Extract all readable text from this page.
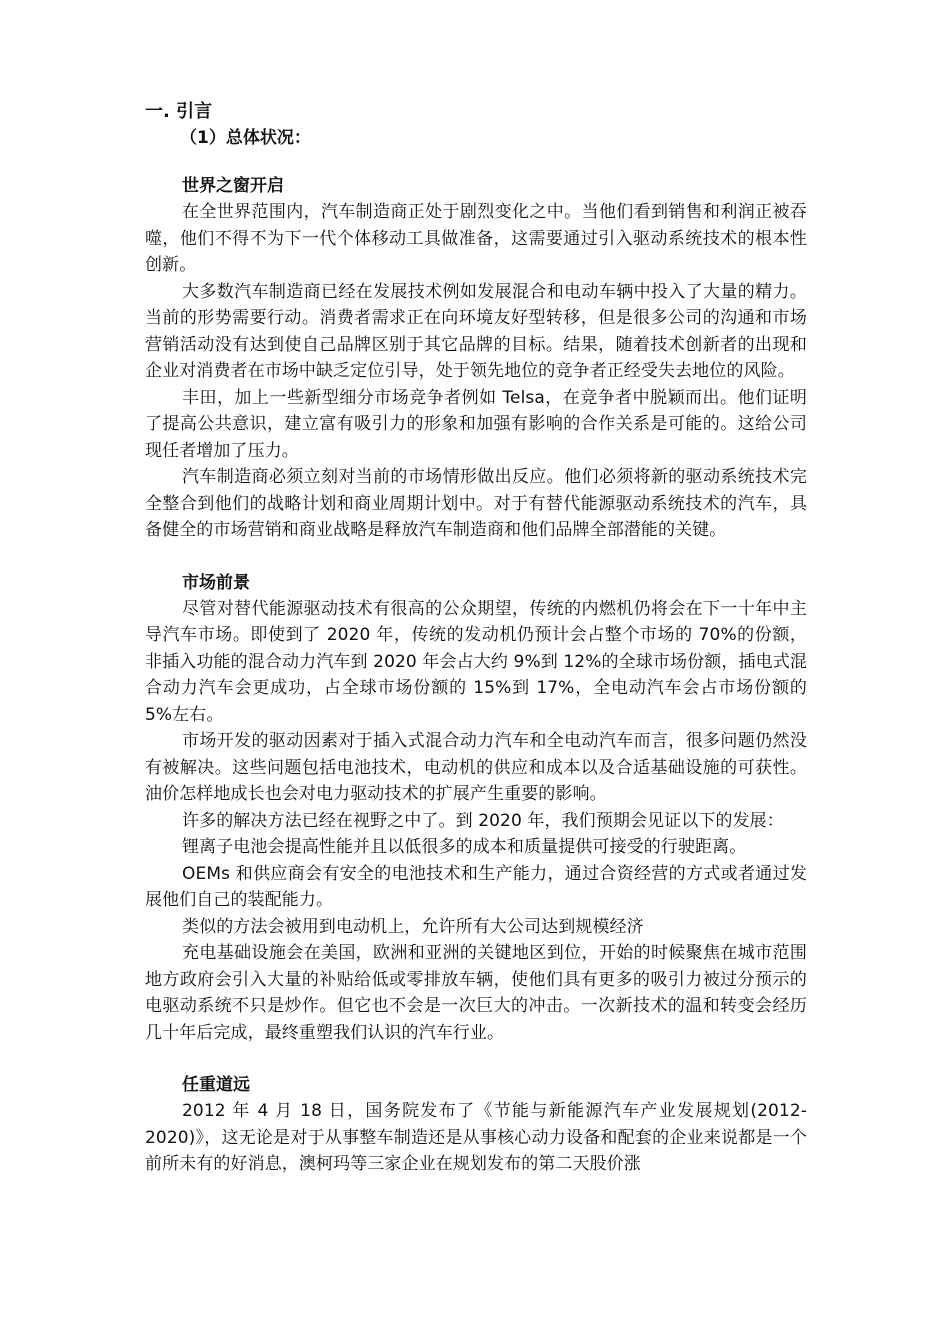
一. 引言
（1）总体状况：
世界之窗开启

在全世界范围内，汽车制造商正处于剧烈变化之中。当他们看到销售和利润正被吞噬，他们不得不为下一代个体移动工具做准备，这需要通过引入驱动系统技术的根本性创新。

大多数汽车制造商已经在发展技术例如发展混合和电动车辆中投入了大量的精力。当前的形势需要行动。消费者需求正在向环境友好型转移，但是很多公司的沟通和市场营销活动没有达到使自己品牌区别于其它品牌的目标。结果，随着技术创新者的出现和企业对消费者在市场中缺乏定位引导，处于领先地位的竞争者正经受失去地位的风险。

丰田，加上一些新型细分市场竞争者例如 Telsa，在竞争者中脱颖而出。他们证明了提高公共意识，建立富有吸引力的形象和加强有影响的合作关系是可能的。这给公司现任者增加了压力。

汽车制造商必须立刻对当前的市场情形做出反应。他们必须将新的驱动系统技术完全整合到他们的战略计划和商业周期计划中。对于有替代能源驱动系统技术的汽车，具备健全的市场营销和商业战略是释放汽车制造商和他们品牌全部潜能的关键。

市场前景

尽管对替代能源驱动技术有很高的公众期望，传统的内燃机仍将会在下一十年中主导汽车市场。即使到了 2020 年，传统的发动机仍预计会占整个市场的 70%的份额，非插入功能的混合动力汽车到 2020 年会占大约 9%到 12%的全球市场份额，插电式混合动力汽车会更成功，占全球市场份额的 15%到 17%，全电动汽车会占市场份额的 5%左右。

市场开发的驱动因素对于插入式混合动力汽车和全电动汽车而言，很多问题仍然没有被解决。这些问题包括电池技术，电动机的供应和成本以及合适基础设施的可获性。油价怎样地成长也会对电力驱动技术的扩展产生重要的影响。

许多的解决方法已经在视野之中了。到 2020 年，我们预期会见证以下的发展：

锂离子电池会提高性能并且以低很多的成本和质量提供可接受的行驶距离。

OEMs 和供应商会有安全的电池技术和生产能力，通过合资经营的方式或者通过发展他们自己的装配能力。

类似的方法会被用到电动机上，允许所有大公司达到规模经济

充电基础设施会在美国，欧洲和亚洲的关键地区到位，开始的时候聚焦在城市范围地方政府会引入大量的补贴给低或零排放车辆，使他们具有更多的吸引力被过分预示的电驱动系统不只是炒作。但它也不会是一次巨大的冲击。一次新技术的温和转变会经历几十年后完成，最终重塑我们认识的汽车行业。

任重道远

2012 年 4 月 18 日，国务院发布了《节能与新能源汽车产业发展规划(2012-2020)》，这无论是对于从事整车制造还是从事核心动力设备和配套的企业来说都是一个前所未有的好消息，澳柯玛等三家企业在规划发布的第二天股价涨
